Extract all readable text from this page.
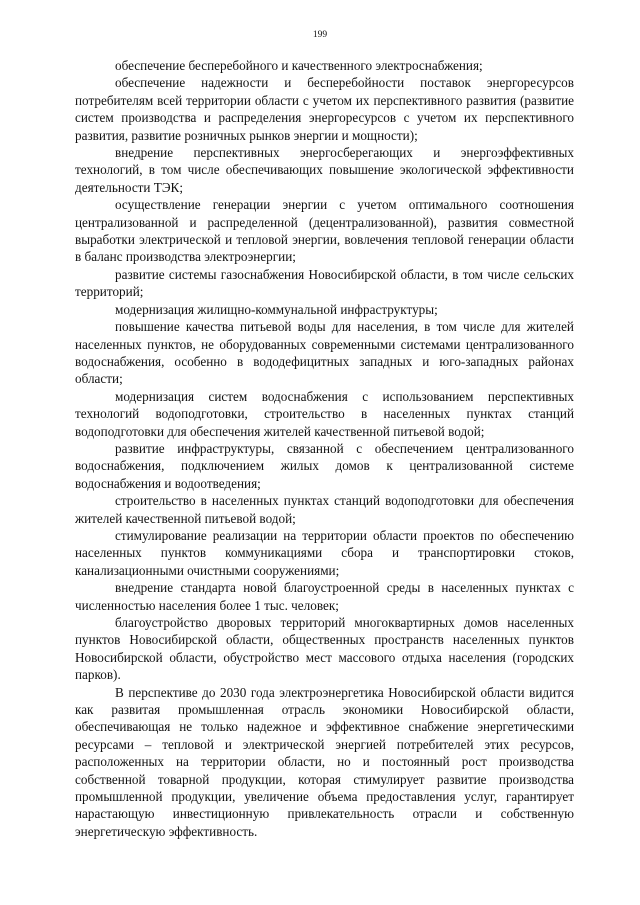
199

обеспечение бесперебойного и качественного электроснабжения;

обеспечение надежности и бесперебойности поставок энергоресурсов потребителям всей территории области с учетом их перспективного развития (развитие систем производства и распределения энергоресурсов с учетом их перспективного развития, развитие розничных рынков энергии и мощности);

внедрение перспективных энергосберегающих и энергоэффективных технологий, в том числе обеспечивающих повышение экологической эффективности деятельности ТЭК;

осуществление генерации энергии с учетом оптимального соотношения централизованной и распределенной (децентрализованной), развития совместной выработки электрической и тепловой энергии, вовлечения тепловой генерации области в баланс производства электроэнергии;

развитие системы газоснабжения Новосибирской области, в том числе сельских территорий;

модернизация жилищно-коммунальной инфраструктуры;

повышение качества питьевой воды для населения, в том числе для жителей населенных пунктов, не оборудованных современными системами централизованного водоснабжения, особенно в вододефицитных западных и юго-западных районах области;

модернизация систем водоснабжения с использованием перспективных технологий водоподготовки, строительство в населенных пунктах станций водоподготовки для обеспечения жителей качественной питьевой водой;

развитие инфраструктуры, связанной с обеспечением централизованного водоснабжения, подключением жилых домов к централизованной системе водоснабжения и водоотведения;

строительство в населенных пунктах станций водоподготовки для обеспечения жителей качественной питьевой водой;

стимулирование реализации на территории области проектов по обеспечению населенных пунктов коммуникациями сбора и транспортировки стоков, канализационными очистными сооружениями;

внедрение стандарта новой благоустроенной среды в населенных пунктах с численностью населения более 1 тыс. человек;

благоустройство дворовых территорий многоквартирных домов населенных пунктов Новосибирской области, общественных пространств населенных пунктов Новосибирской области, обустройство мест массового отдыха населения (городских парков).

В перспективе до 2030 года электроэнергетика Новосибирской области видится как развитая промышленная отрасль экономики Новосибирской области, обеспечивающая не только надежное и эффективное снабжение энергетическими ресурсами – тепловой и электрической энергией потребителей этих ресурсов, расположенных на территории области, но и постоянный рост производства собственной товарной продукции, которая стимулирует развитие производства промышленной продукции, увеличение объема предоставления услуг, гарантирует нарастающую инвестиционную привлекательность отрасли и собственную энергетическую эффективность.
